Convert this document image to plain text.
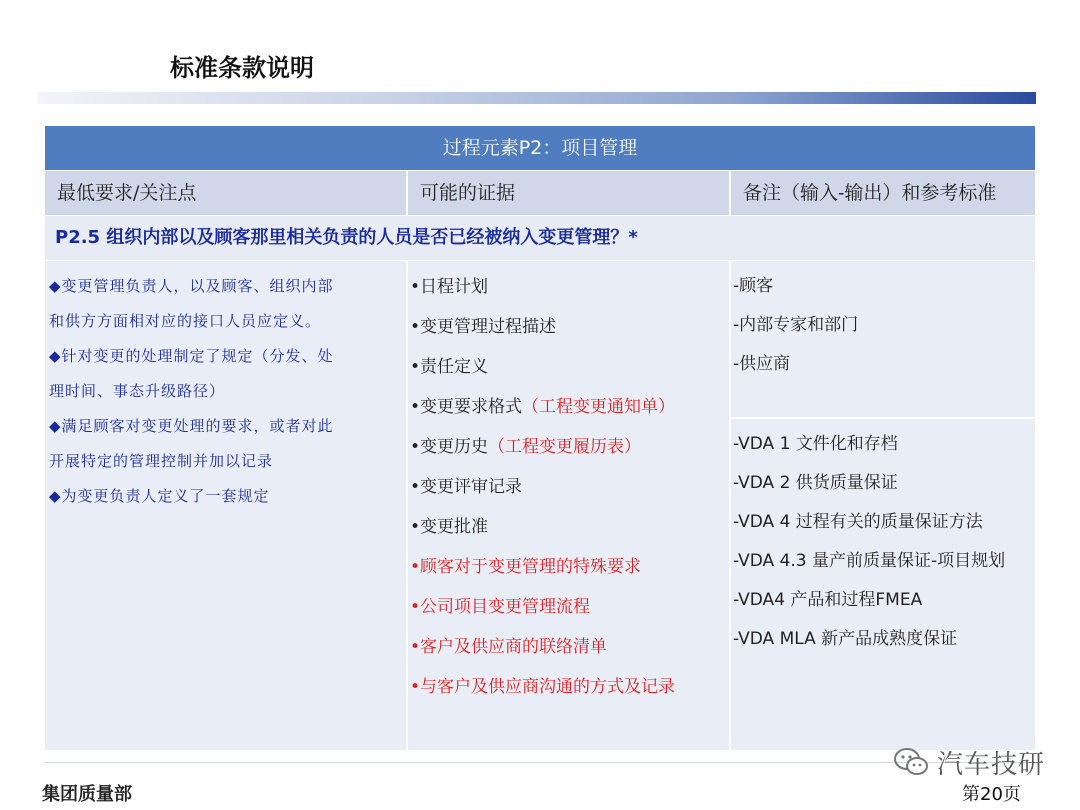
标准条款说明
过程元素P2：项目管理
最低要求/关注点	可能的证据	备注（输入-输出）和参考标准
P2.5 组织内部以及顾客那里相关负责的人员是否已经被纳入变更管理？*
◆变更管理负责人，以及顾客、组织内部
和供方方面相对应的接口人员应定义。
◆针对变更的处理制定了规定（分发、处
理时间、事态升级路径）
◆满足顾客对变更处理的要求，或者对此
开展特定的管理控制并加以记录
◆为变更负责人定义了一套规定
•日程计划
•变更管理过程描述
•责任定义
•变更要求格式（工程变更通知单）
•变更历史（工程变更履历表）
•变更评审记录
•变更批准
•顾客对于变更管理的特殊要求
•公司项目变更管理流程
•客户及供应商的联络清单
•与客户及供应商沟通的方式及记录
-顾客
-内部专家和部门
-供应商
-VDA 1 文件化和存档
-VDA 2 供货质量保证
-VDA 4 过程有关的质量保证方法
-VDA 4.3 量产前质量保证-项目规划
-VDA4 产品和过程FMEA
-VDA MLA 新产品成熟度保证
集团质量部
汽车技研
第20页
